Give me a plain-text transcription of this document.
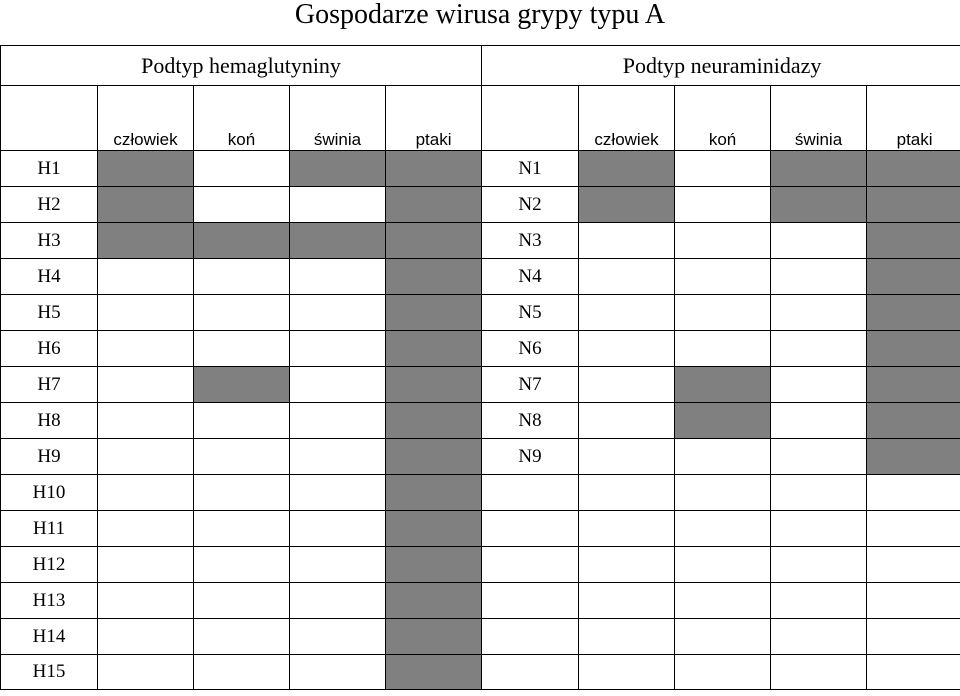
Gospodarze wirusa grypy typu A
Podtyp hemaglutyniny					Podtyp neuraminidazy				
	człowiek	koń	świnia	ptaki		człowiek	koń	świnia	ptaki
H1					N1				
H2					N2				
H3					N3				
H4					N4				
H5					N5				
H6					N6				
H7					N7				
H8					N8				
H9					N9				
H10									
H11									
H12									
H13									
H14									
H15									
